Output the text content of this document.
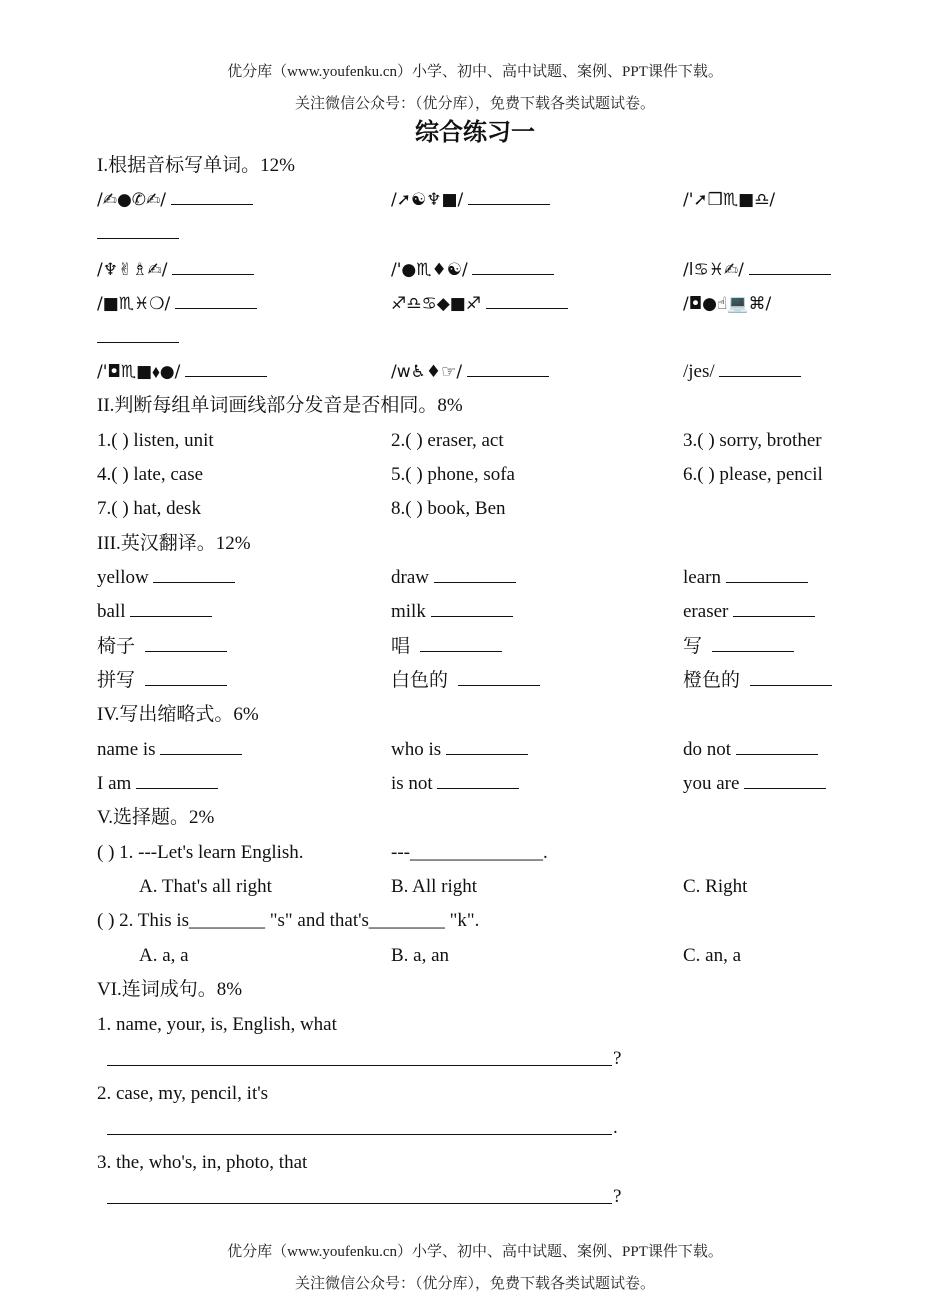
优分库（www.youfenku.cn）小学、初中、高中试题、案例、PPT课件下载。
关注微信公众号：（优分库），免费下载各类试题试卷。
综合练习一
I.根据音标写单词。12%
/✍●✆✍/	/➚☯♆■/	/'➚❒♏■♎/
/♆✌♗✍/	/'●♏♦☯/	/l♋♓✍/
/■♏♓❍/	♐♎♋◆■♐	/◘●☝💻⌘/
/'◘♏■⬧●/	/w♿♦☞/	/jes/
II.判断每组单词画线部分发音是否相同。8%
1.( ) listen, unit	2.( ) eraser, act	3.( ) sorry, brother
4.( ) late, case	5.( ) phone, sofa	6.( ) please, pencil
7.( ) hat, desk	8.( ) book, Ben
III.英汉翻译。12%
yellow	draw	learn
ball	milk	eraser
椅子	唱	写
拼写	白色的	橙色的
IV.写出缩略式。6%
name is	who is	do not
I am	is not	you are
V.选择题。2%
( ) 1. ---Let's learn English.	---______________.
A. That's all right	B. All right	C. Right
( ) 2. This is________ "s" and that's________ "k".
A. a, a	B. a, an	C. an, a
VI.连词成句。8%
1. name, your, is, English, what
?
2. case, my, pencil, it's
.
3. the, who's, in, photo, that
?
优分库（www.youfenku.cn）小学、初中、高中试题、案例、PPT课件下载。
关注微信公众号：（优分库），免费下载各类试题试卷。
